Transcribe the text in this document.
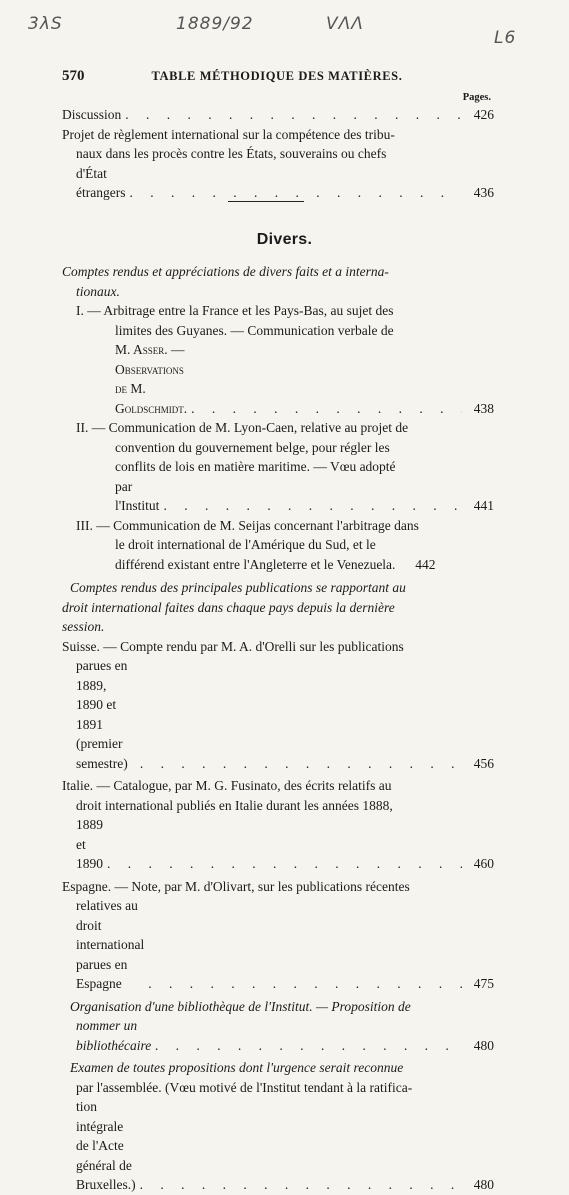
3λS	1889/92	VΛΛ
L6
570	TABLE MÉTHODIQUE DES MATIÈRES.
Pages.
Discussion . . .	426
Projet de règlement international sur la compétence des tribu-
naux dans les procès contre les États, souverains ou chefs
d'État étrangers . . .	436
Divers.
Comptes rendus et appréciations de divers faits et a interna-
tionaux.
I. — Arbitrage entre la France et les Pays-Bas, au sujet des
limites des Guyanes. — Communication verbale de
M. Asser. — Observations de M. Goldschmidt. . . .	438
II. — Communication de M. Lyon-Caen, relative au projet de
convention du gouvernement belge, pour régler les
conflits de lois en matière maritime. — Vœu adopté
par l'Institut . . .	441
III. — Communication de M. Seijas concernant l'arbitrage dans
le droit international de l'Amérique du Sud, et le
différend existant entre l'Angleterre et le Venezuela.	442
Comptes rendus des principales publications se rapportant au
droit international faites dans chaque pays depuis la dernière
session.
Suisse. — Compte rendu par M. A. d'Orelli sur les publications
parues en 1889, 1890 et 1891 (premier semestre) . . .	456
Italie. — Catalogue, par M. G. Fusinato, des écrits relatifs au
droit international publiés en Italie durant les années 1888,
1889 et 1890 . . .	460
Espagne. — Note, par M. d'Olivart, sur les publications récentes
relatives au droit international parues en Espagne . . .	475
Organisation d'une bibliothèque de l'Institut. — Proposition de
nommer un bibliothécaire . . .	480
Examen de toutes propositions dont l'urgence serait reconnue
par l'assemblée. (Vœu motivé de l'Institut tendant à la ratifica-
tion intégrale de l'Acte général de Bruxelles.) . . .	480
